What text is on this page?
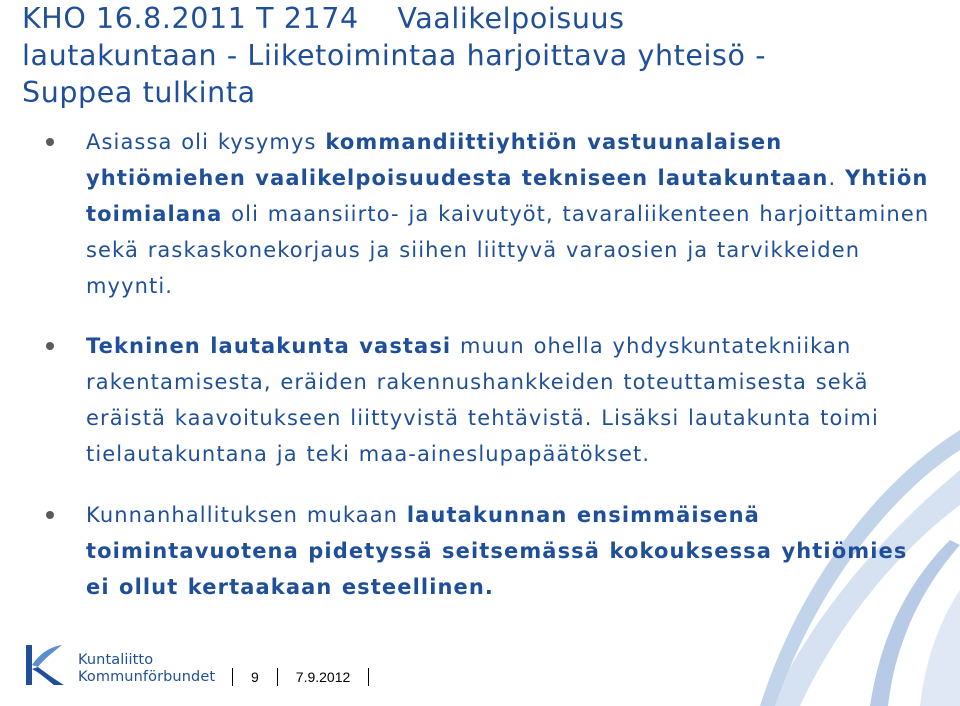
KHO 16.8.2011 T 2174    Vaalikelpoisuus
lautakuntaan - Liiketoimintaa harjoittava yhteisö -
Suppea tulkinta
Asiassa oli kysymys kommandiittiyhtiön vastuunalaisen yhtiömiehen vaalikelpoisuudesta tekniseen lautakuntaan. Yhtiön toimialana oli maansiirto- ja kaivutyöt, tavaraliikenteen harjoittaminen sekä raskaskonekorjaus ja siihen liittyvä varaosien ja tarvikkeiden myynti.
Tekninen lautakunta vastasi muun ohella yhdyskuntatekniikan rakentamisesta, eräiden rakennushankkeiden toteuttamisesta sekä eräistä kaavoitukseen liittyvistä tehtävistä. Lisäksi lautakunta toimi tielautakuntana ja teki maa-aineslupapäätökset.
Kunnanhallituksen mukaan lautakunnan ensimmäisenä toimintavuotena pidetyssä seitsemässä kokouksessa yhtiömies ei ollut kertaakaan esteellinen.
Kuntaliitto
Kommunförbundet	9	7.9.2012
